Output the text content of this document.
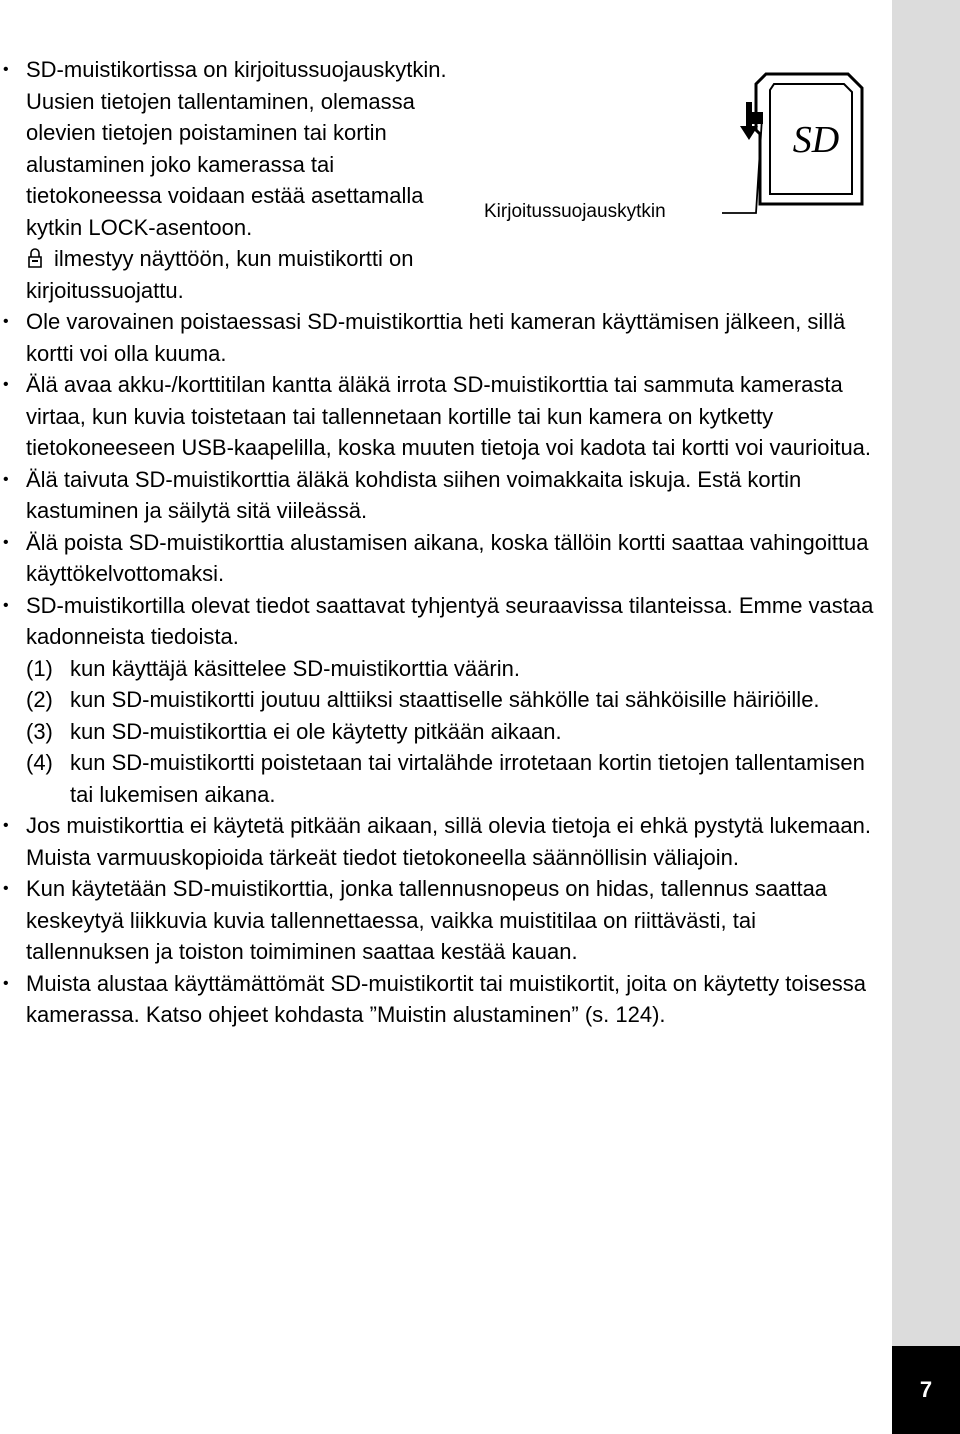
7
SD
Kirjoitussuojauskytkin
• SD-muistikortissa on kirjoitussuojauskytkin. Uusien tietojen tallentaminen, olemassa olevien tietojen poistaminen tai kortin alustaminen joko kamerassa tai tietokoneessa voidaan estää asettamalla kytkin LOCK-asentoon.
ilmestyy näyttöön, kun muistikortti on kirjoitussuojattu.
• Ole varovainen poistaessasi SD-muistikorttia heti kameran käyttämisen jälkeen, sillä kortti voi olla kuuma.
• Älä avaa akku-/korttitilan kantta äläkä irrota SD-muistikorttia tai sammuta kamerasta virtaa, kun kuvia toistetaan tai tallennetaan kortille tai kun kamera on kytketty tietokoneeseen USB-kaapelilla, koska muuten tietoja voi kadota tai kortti voi vaurioitua.
• Älä taivuta SD-muistikorttia äläkä kohdista siihen voimakkaita iskuja. Estä kortin kastuminen ja säilytä sitä viileässä.
• Älä poista SD-muistikorttia alustamisen aikana, koska tällöin kortti saattaa vahingoittua käyttökelvottomaksi.
• SD-muistikortilla olevat tiedot saattavat tyhjentyä seuraavissa tilanteissa. Emme vastaa kadonneista tiedoista.
(1) kun käyttäjä käsittelee SD-muistikorttia väärin.
(2) kun SD-muistikortti joutuu alttiiksi staattiselle sähkölle tai sähköisille häiriöille.
(3) kun SD-muistikorttia ei ole käytetty pitkään aikaan.
(4) kun SD-muistikortti poistetaan tai virtalähde irrotetaan kortin tietojen tallentamisen tai lukemisen aikana.
• Jos muistikorttia ei käytetä pitkään aikaan, sillä olevia tietoja ei ehkä pystytä lukemaan. Muista varmuuskopioida tärkeät tiedot tietokoneella säännöllisin väliajoin.
• Kun käytetään SD-muistikorttia, jonka tallennusnopeus on hidas, tallennus saattaa keskeytyä liikkuvia kuvia tallennettaessa, vaikka muistitilaa on riittävästi, tai tallennuksen ja toiston toimiminen saattaa kestää kauan.
• Muista alustaa käyttämättömät SD-muistikortit tai muistikortit, joita on käytetty toisessa kamerassa. Katso ohjeet kohdasta ”Muistin alustaminen” (s. 124).
